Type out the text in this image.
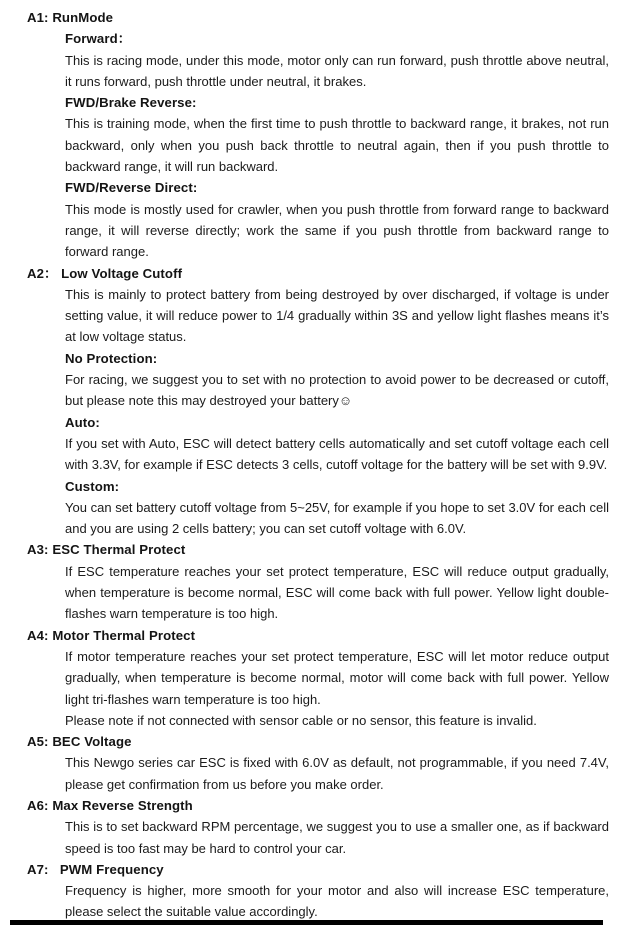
A1: RunMode
Forward：
This is racing mode, under this mode, motor only can run forward, push throttle above neutral, it runs forward, push throttle under neutral, it brakes.
FWD/Brake Reverse:
This is training mode, when the first time to push throttle to backward range, it brakes, not run backward, only when you push back throttle to neutral again, then if you push throttle to backward range, it will run backward.
FWD/Reverse Direct:
This mode is mostly used for crawler, when you push throttle from forward range to backward range, it will reverse directly; work the same if you push throttle from backward range to forward range.
A2： Low Voltage Cutoff
This is mainly to protect battery from being destroyed by over discharged, if voltage is under setting value, it will reduce power to 1/4 gradually within 3S and yellow light flashes means it’s at low voltage status.
No Protection:
For racing, we suggest you to set with no protection to avoid power to be decreased or cutoff, but please note this may destroyed your battery☺
Auto:
If you set with Auto, ESC will detect battery cells automatically and set cutoff voltage each cell with 3.3V, for example if ESC detects 3 cells, cutoff voltage for the battery will be set with 9.9V.
Custom:
You can set battery cutoff voltage from 5~25V, for example if you hope to set 3.0V for each cell and you are using 2 cells battery; you can set cutoff voltage with 6.0V.
A3: ESC Thermal Protect
If ESC temperature reaches your set protect temperature, ESC will reduce output gradually, when temperature is become normal, ESC will come back with full power. Yellow light double-flashes warn temperature is too high.
A4: Motor Thermal Protect
If motor temperature reaches your set protect temperature, ESC will let motor reduce output gradually, when temperature is become normal, motor will come back with full power. Yellow light tri-flashes warn temperature is too high.
Please note if not connected with sensor cable or no sensor, this feature is invalid.
A5: BEC Voltage
This Newgo series car ESC is fixed with 6.0V as default, not programmable, if you need 7.4V, please get confirmation from us before you make order.
A6: Max Reverse Strength
This is to set backward RPM percentage, we suggest you to use a smaller one, as if backward speed is too fast may be hard to control your car.
A7:   PWM Frequency
Frequency is higher, more smooth for your motor and also will increase ESC temperature, please select the suitable value accordingly.
